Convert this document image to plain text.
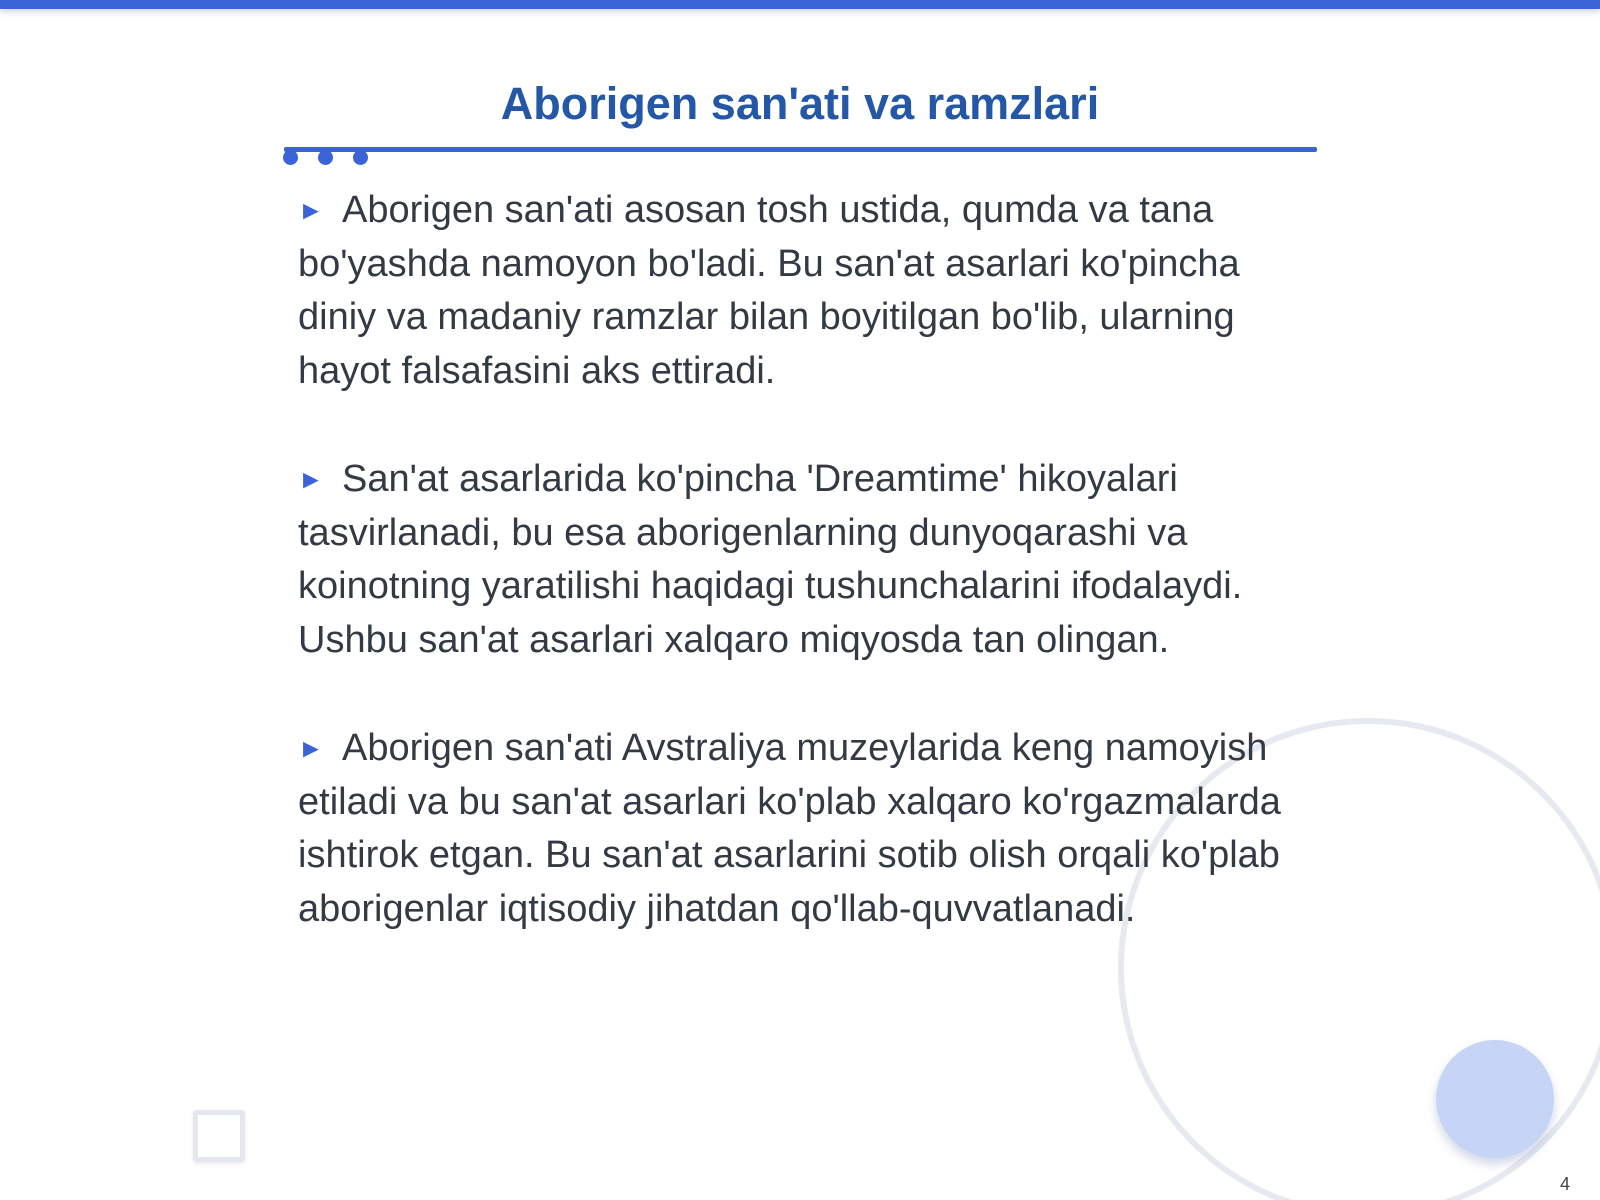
Aborigen san'ati va ramzlari
► Aborigen san'ati asosan tosh ustida, qumda va tana bo'yashda namoyon bo'ladi. Bu san'at asarlari ko'pincha diniy va madaniy ramzlar bilan boyitilgan bo'lib, ularning hayot falsafasini aks ettiradi.
► San'at asarlarida ko'pincha 'Dreamtime' hikoyalari tasvirlanadi, bu esa aborigenlarning dunyoqarashi va koinotning yaratilishi haqidagi tushunchalarini ifodalaydi. Ushbu san'at asarlari xalqaro miqyosda tan olingan.
► Aborigen san'ati Avstraliya muzeylarida keng namoyish etiladi va bu san'at asarlari ko'plab xalqaro ko'rgazmalarda ishtirok etgan. Bu san'at asarlarini sotib olish orqali ko'plab aborigenlar iqtisodiy jihatdan qo'llab-quvvatlanadi.
4
